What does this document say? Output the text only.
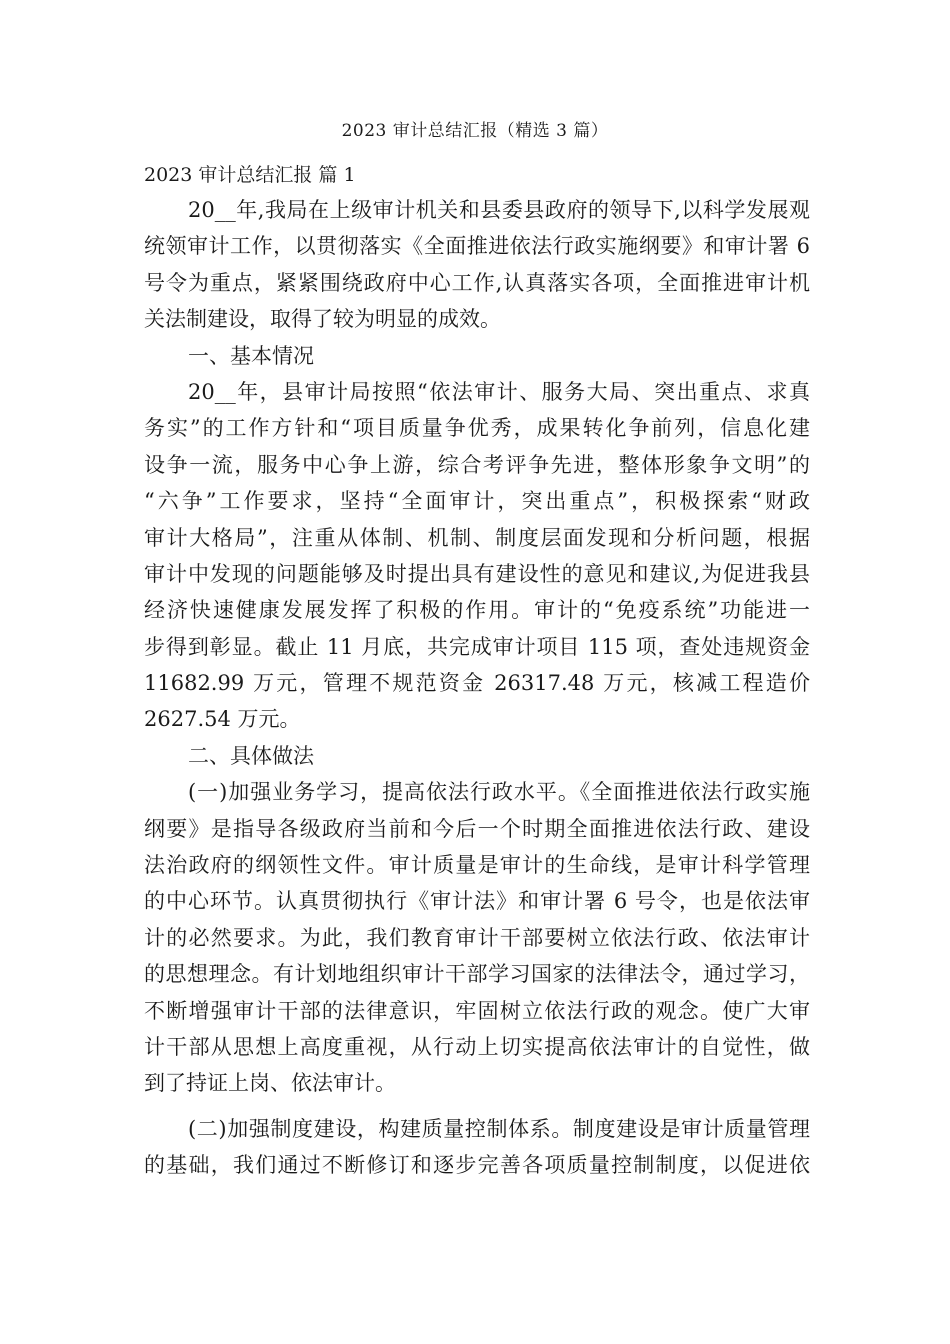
2023 审计总结汇报（精选 3 篇）
2023 审计总结汇报 篇 1
20__年,我局在上级审计机关和县委县政府的领导下,以科学发展观
统领审计工作，以贯彻落实《全面推进依法行政实施纲要》和审计署 6
号令为重点，紧紧围绕政府中心工作,认真落实各项，全面推进审计机
关法制建设，取得了较为明显的成效。
一、基本情况
20__年，县审计局按照“依法审计、服务大局、突出重点、求真
务实”的工作方针和“项目质量争优秀，成果转化争前列，信息化建
设争一流，服务中心争上游，综合考评争先进，整体形象争文明”的
“六争”工作要求，坚持“全面审计，突出重点”，积极探索“财政
审计大格局”，注重从体制、机制、制度层面发现和分析问题，根据
审计中发现的问题能够及时提出具有建设性的意见和建议,为促进我县
经济快速健康发展发挥了积极的作用。审计的“免疫系统”功能进一
步得到彰显。截止 11 月底，共完成审计项目 115 项，查处违规资金
11682.99 万元，管理不规范资金 26317.48 万元，核减工程造价
2627.54 万元。
二、具体做法
(一)加强业务学习，提高依法行政水平。《全面推进依法行政实施
纲要》是指导各级政府当前和今后一个时期全面推进依法行政、建设
法治政府的纲领性文件。审计质量是审计的生命线，是审计科学管理
的中心环节。认真贯彻执行《审计法》和审计署 6 号令，也是依法审
计的必然要求。为此，我们教育审计干部要树立依法行政、依法审计
的思想理念。有计划地组织审计干部学习国家的法律法令，通过学习，
不断增强审计干部的法律意识，牢固树立依法行政的观念。使广大审
计干部从思想上高度重视，从行动上切实提高依法审计的自觉性，做
到了持证上岗、依法审计。
(二)加强制度建设，构建质量控制体系。制度建设是审计质量管理
的基础，我们通过不断修订和逐步完善各项质量控制制度，以促进依
